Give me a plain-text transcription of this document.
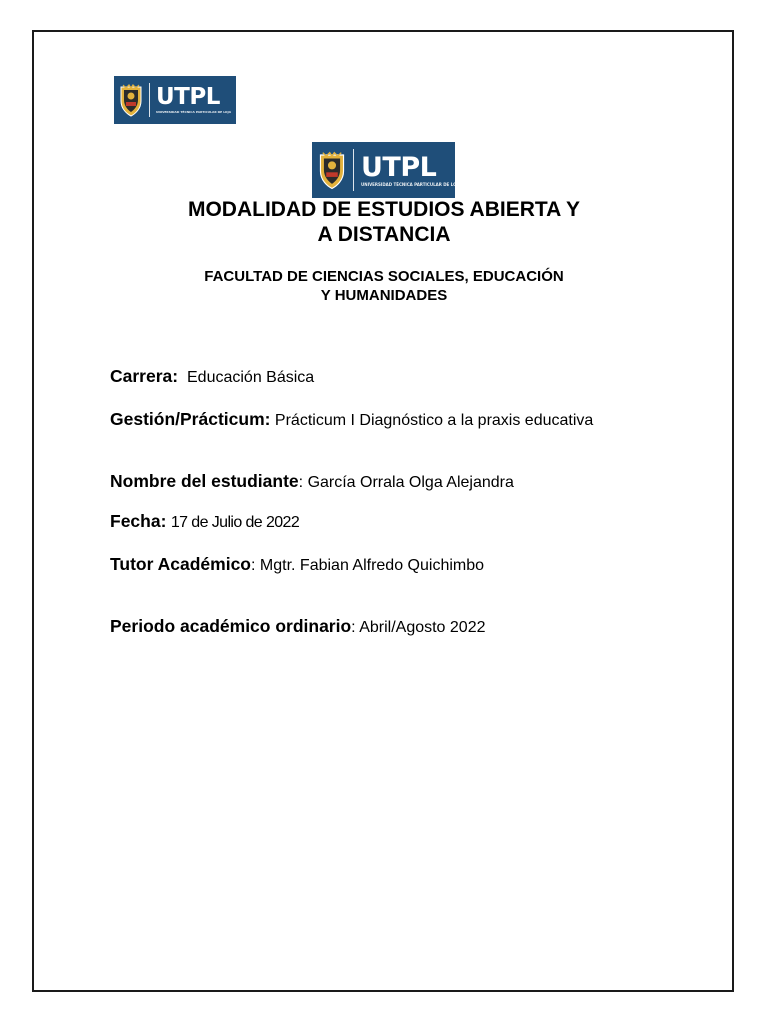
UTPL
UNIVERSIDAD TÉCNICA PARTICULAR DE LOJA
UTPL
UNIVERSIDAD TÉCNICA PARTICULAR DE LOJA
MODALIDAD DE ESTUDIOS ABIERTA Y
A DISTANCIA
FACULTAD DE CIENCIAS SOCIALES, EDUCACIÓN
Y HUMANIDADES

Carrera: Educación Básica

Gestión/Prácticum: Prácticum I Diagnóstico a la praxis educativa

Nombre del estudiante: García Orrala Olga Alejandra

Fecha: 17 de Julio de 2022

Tutor Académico: Mgtr. Fabian Alfredo Quichimbo

Periodo académico ordinario: Abril/Agosto 2022
